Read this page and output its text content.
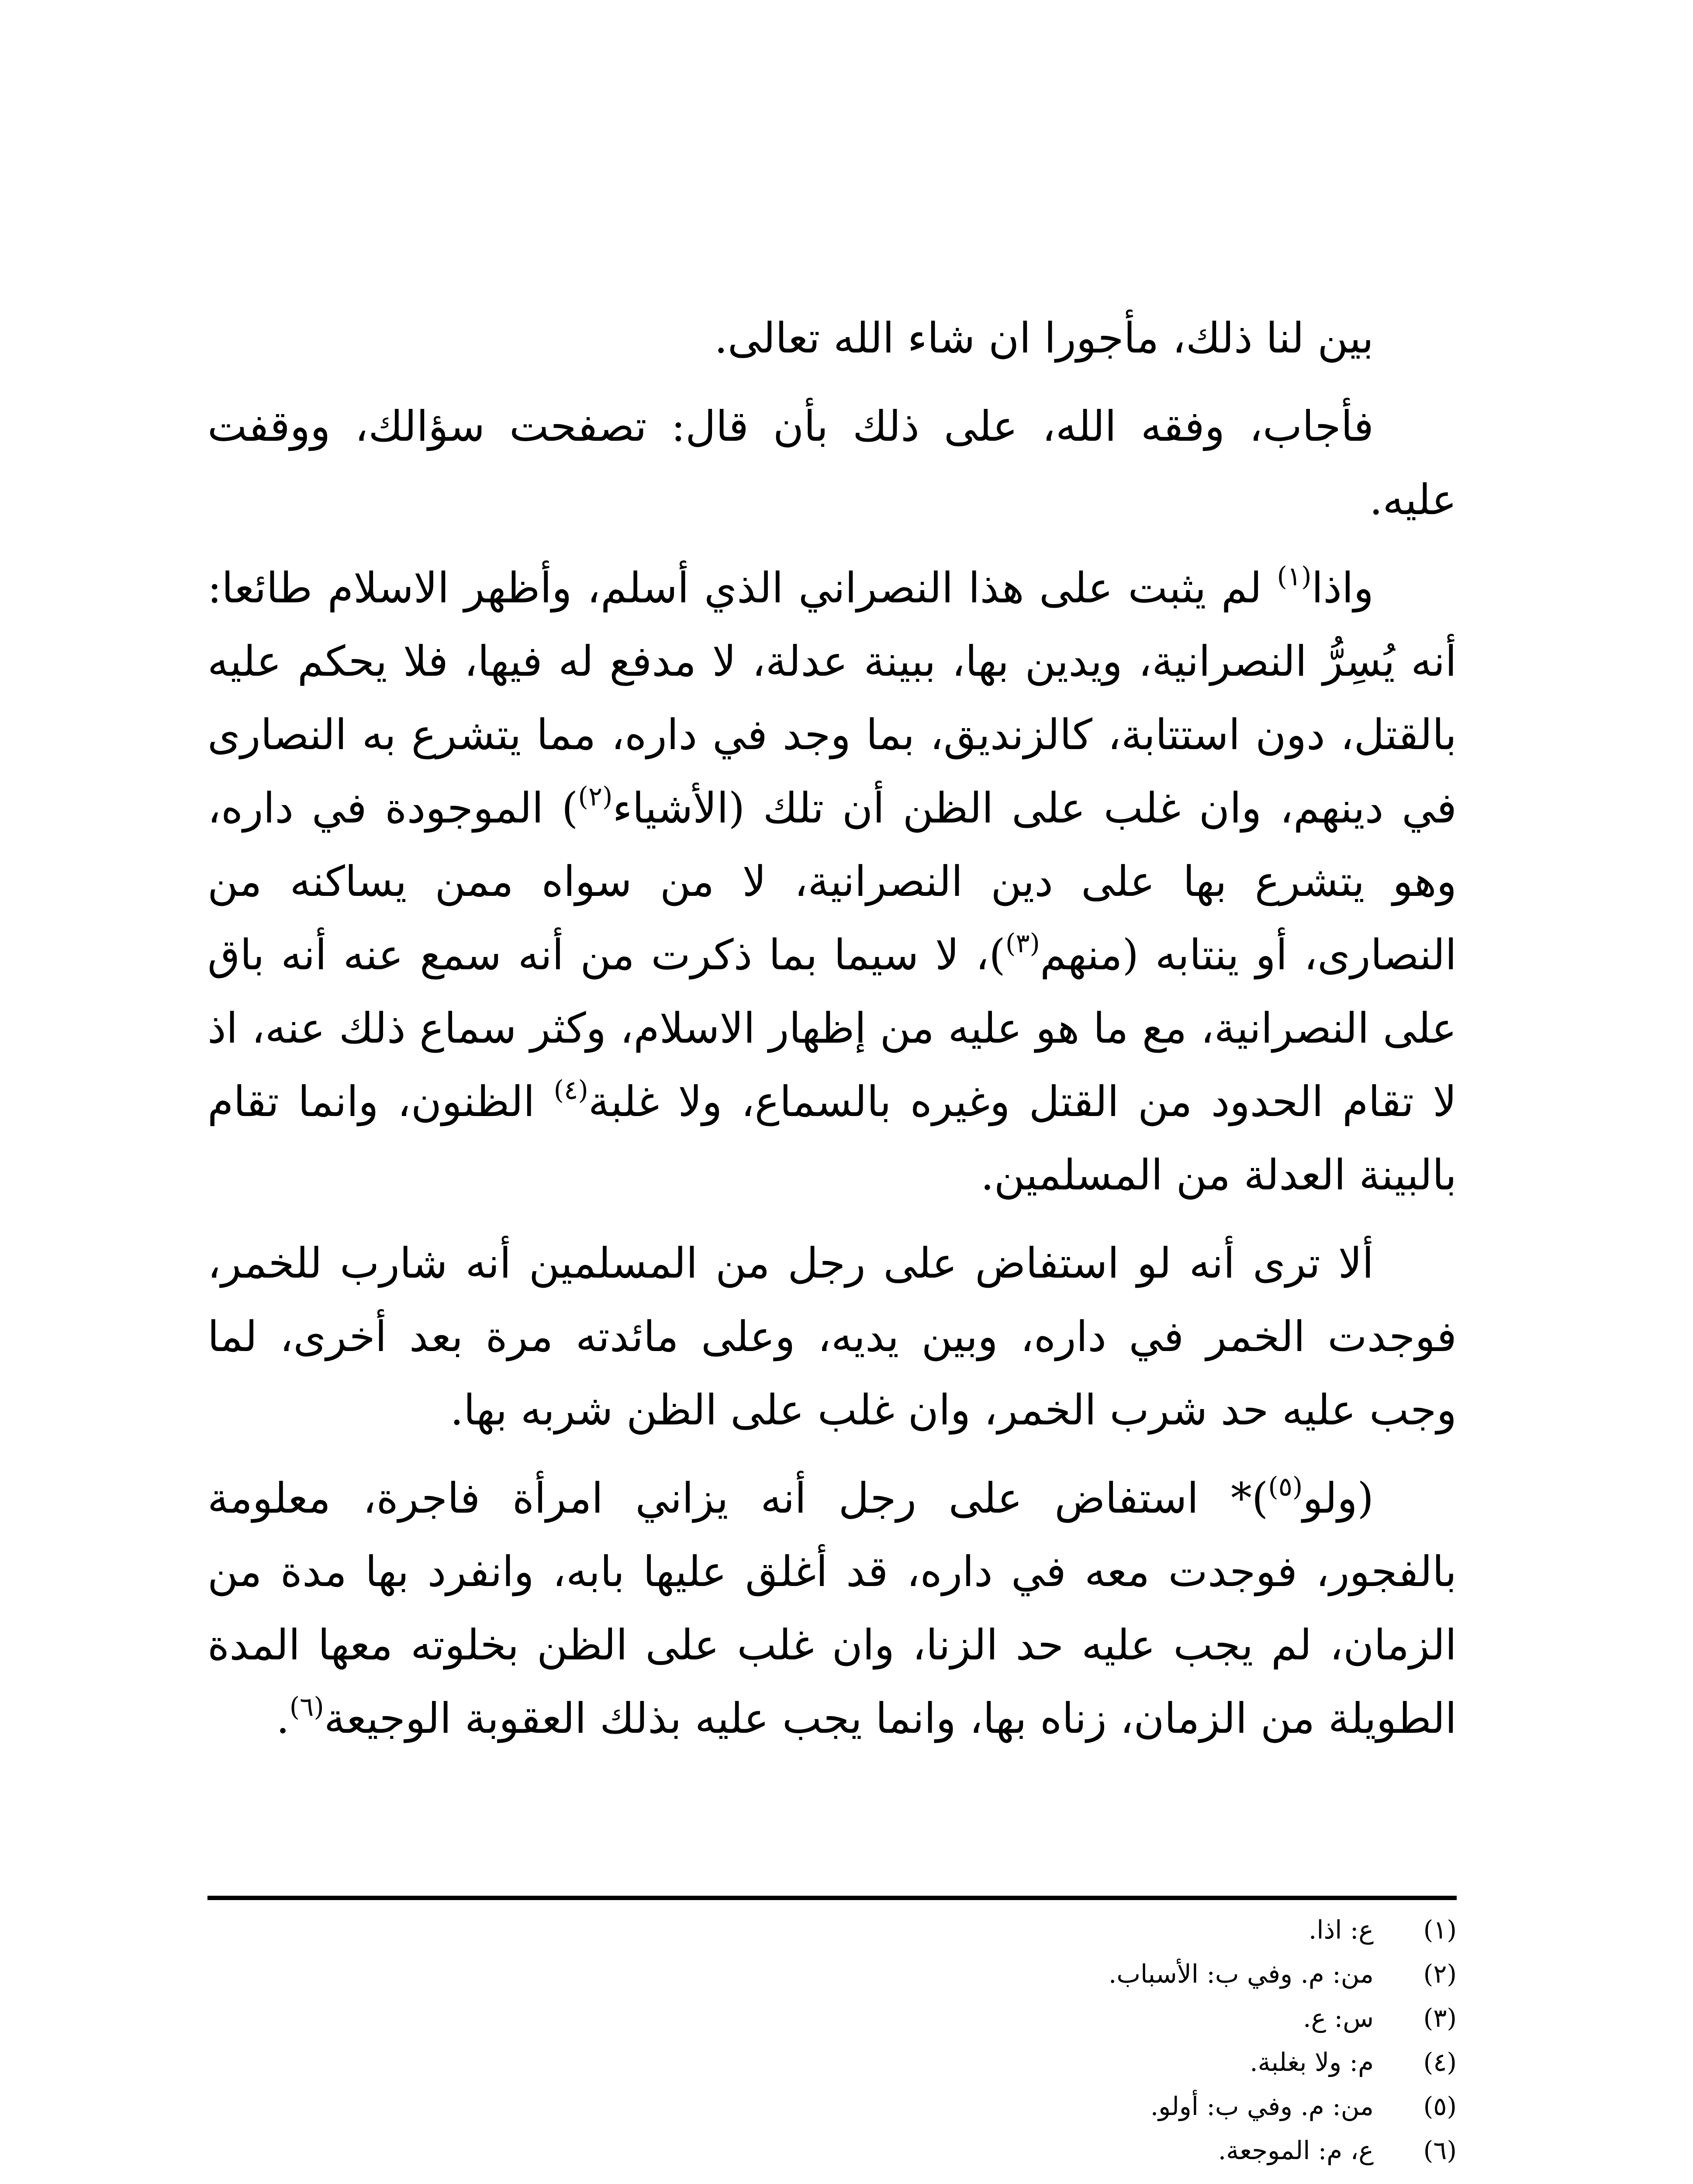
بين لنا ذلك، مأجورا ان شاء الله تعالى.

فأجاب، وفقه الله، على ذلك بأن قال: تصفحت سؤالك، ووقفت عليه.

واذا$^{(١)}$ لم يثبت على هذا النصراني الذي أسلم، وأظهر الاسلام طائعا: أنه يُسِرُّ النصرانية، ويدين بها، ببينة عدلة، لا مدفع له فيها، فلا يحكم عليه بالقتل، دون استتابة، كالزنديق، بما وجد في داره، مما يتشرع به النصارى في دينهم، وان غلب على الظن أن تلك (الأشياء$^{(٢)}$) الموجودة في داره، وهو يتشرع بها على دين النصرانية، لا من سواه ممن يساكنه من النصارى، أو ينتابه (منهم$^{(٣)}$)، لا سيما بما ذكرت من أنه سمع عنه أنه باق على النصرانية، مع ما هو عليه من إظهار الاسلام، وكثر سماع ذلك عنه، اذ لا تقام الحدود من القتل وغيره بالسماع، ولا غلبة$^{(٤)}$ الظنون، وانما تقام بالبينة العدلة من المسلمين.

ألا ترى أنه لو استفاض على رجل من المسلمين أنه شارب للخمر، فوجدت الخمر في داره، وبين يديه، وعلى مائدته مرة بعد أخرى، لما وجب عليه حد شرب الخمر، وان غلب على الظن شربه بها.

(ولو$^{(٥)}$)* استفاض على رجل أنه يزاني امرأة فاجرة، معلومة بالفجور، فوجدت معه في داره، قد أغلق عليها بابه، وانفرد بها مدة من الزمان، لم يجب عليه حد الزنا، وان غلب على الظن بخلوته معها المدة الطويلة من الزمان، زناه بها، وانما يجب عليه بذلك العقوبة الوجيعة$^{(٦)}$.

(١)
ع: اذا.
(٢)
من: م. وفي ب: الأسباب.
(٣)
س: ع.
(٤)
م: ولا بغلبة.
(٥)
من: م. وفي ب: أولو.
(٦)
ع، م: الموجعة.
